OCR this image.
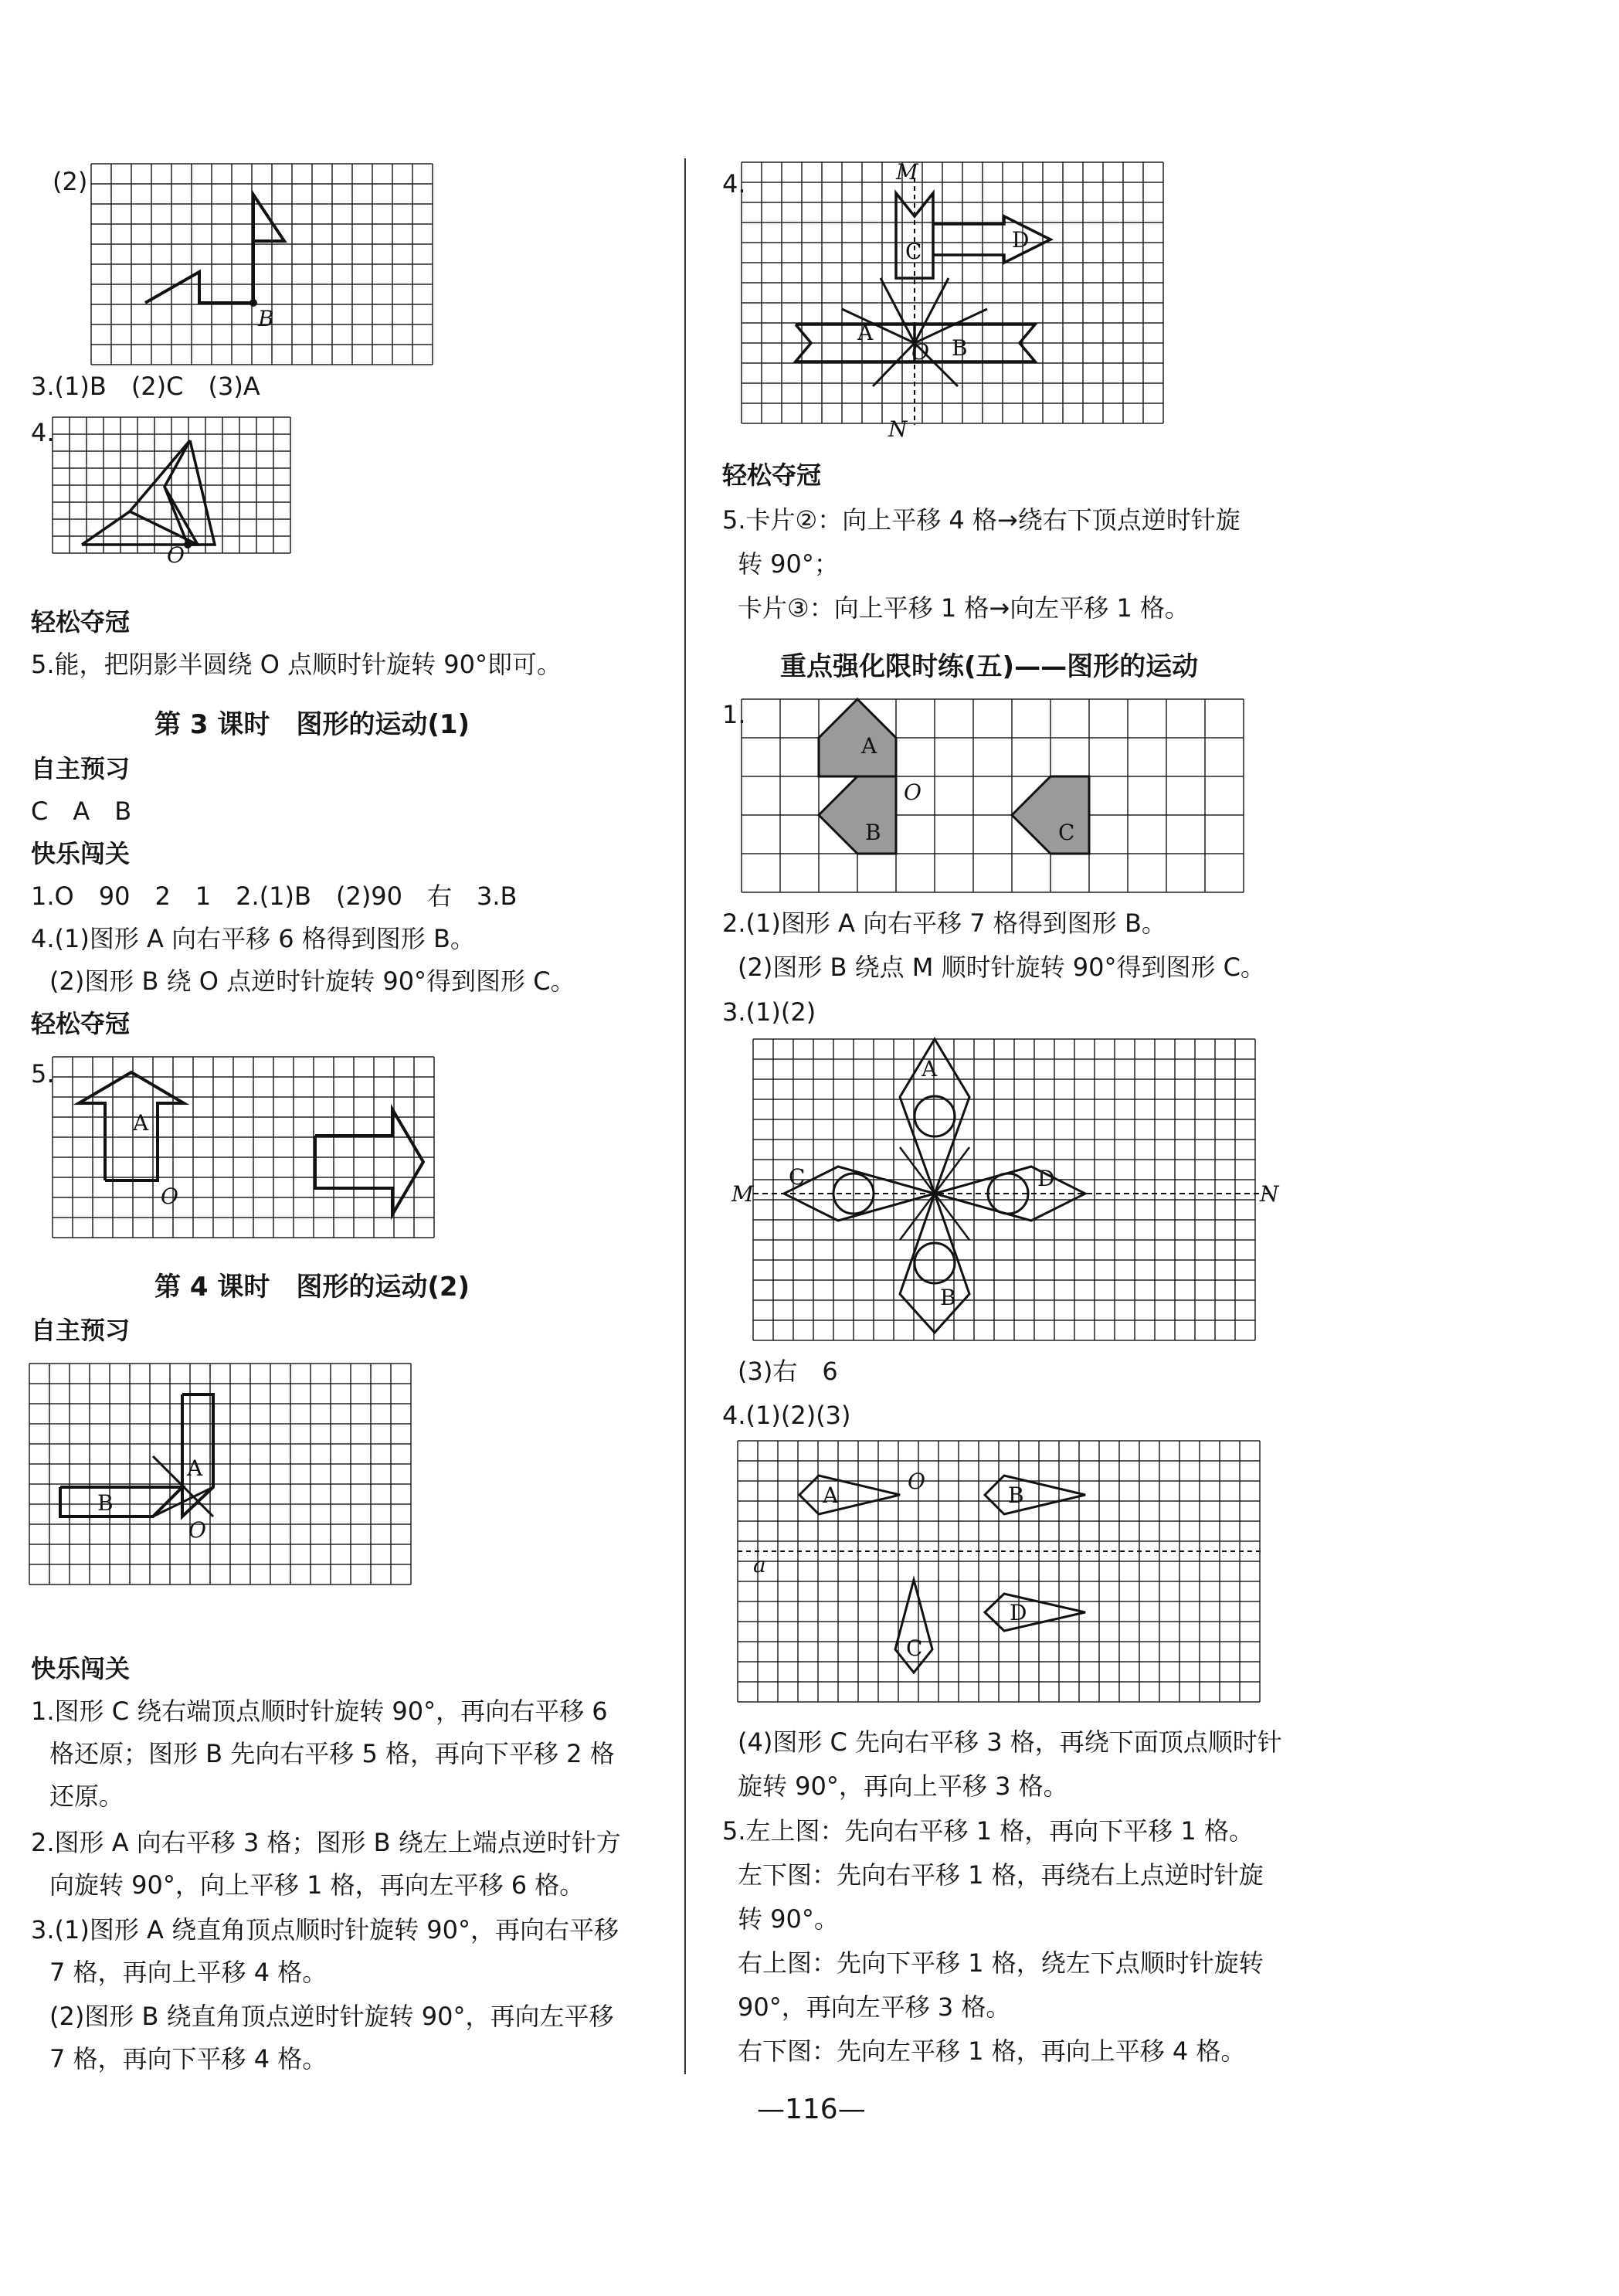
(2)
B
3.(1)B　(2)C　(3)A
4.
O
轻松夺冠
5.能，把阴影半圆绕 O 点顺时针旋转 90°即可。
第 3 课时　图形的运动(1)
自主预习
C　A　B
快乐闯关
1.O　90　2　1　2.(1)B　(2)90　右　3.B
4.(1)图形 A 向右平移 6 格得到图形 B。
(2)图形 B 绕 O 点逆时针旋转 90°得到图形 C。
轻松夺冠
5.
A
O
第 4 课时　图形的运动(2)
自主预习
A
B
O
快乐闯关
1.图形 C 绕右端顶点顺时针旋转 90°，再向右平移 6
格还原；图形 B 先向右平移 5 格，再向下平移 2 格
还原。
2.图形 A 向右平移 3 格；图形 B 绕左上端点逆时针方
向旋转 90°，向上平移 1 格，再向左平移 6 格。
3.(1)图形 A 绕直角顶点顺时针旋转 90°，再向右平移
7 格，再向上平移 4 格。
(2)图形 B 绕直角顶点逆时针旋转 90°，再向左平移
7 格，再向下平移 4 格。
4.	M
N
A
B
C	D
O
轻松夺冠
5.卡片②：向上平移 4 格→绕右下顶点逆时针旋
转 90°；
卡片③：向上平移 1 格→向左平移 1 格。
重点强化限时练(五)——图形的运动
1.
A
O
B	C
2.(1)图形 A 向右平移 7 格得到图形 B。
(2)图形 B 绕点 M 顺时针旋转 90°得到图形 C。
3.(1)(2)
A
B
C	D
M	N
(3)右　6
4.(1)(2)(3)
A
O
B
a
C
D
(4)图形 C 先向右平移 3 格，再绕下面顶点顺时针
旋转 90°，再向上平移 3 格。
5.左上图：先向右平移 1 格，再向下平移 1 格。
左下图：先向右平移 1 格，再绕右上点逆时针旋
转 90°。
右上图：先向下平移 1 格，绕左下点顺时针旋转
90°，再向左平移 3 格。
右下图：先向左平移 1 格，再向上平移 4 格。
—116—
